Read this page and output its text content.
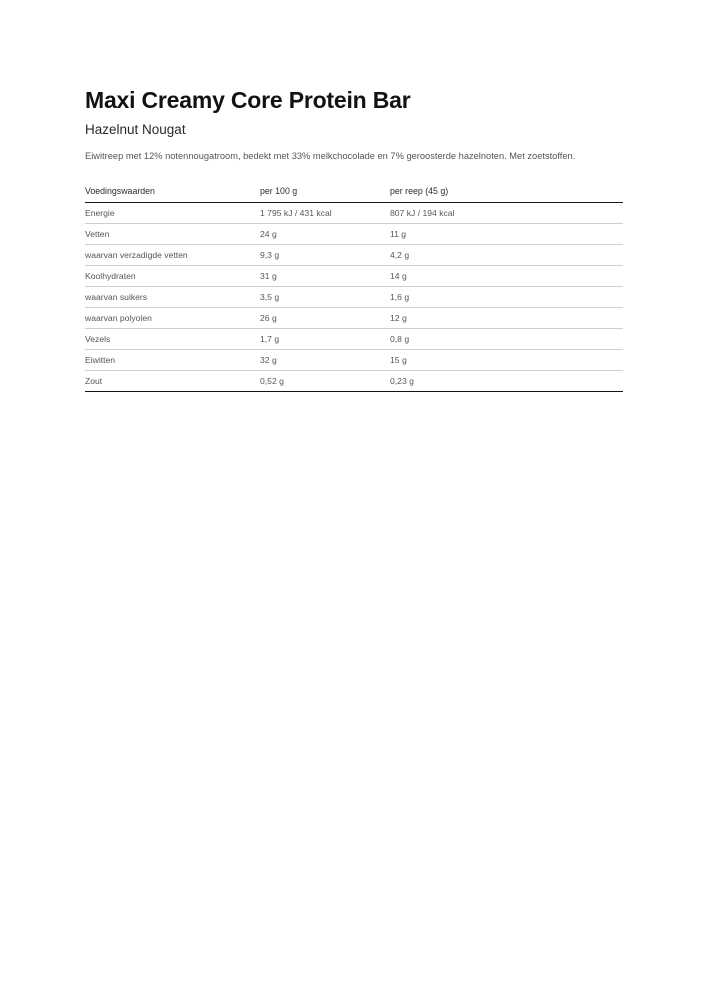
Maxi Creamy Core Protein Bar
Hazelnut Nougat

Eiwitreep met 12% notennougatroom, bedekt met 33% melkchocolade en 7% geroosterde hazelnoten. Met zoetstoffen.

Voedingswaarden	per 100 g	per reep (45 g)
Energie	1 795 kJ / 431 kcal	807 kJ / 194 kcal
Vetten	24 g	11 g
waarvan verzadigde vetten	9,3 g	4,2 g
Koolhydraten	31 g	14 g
waarvan suikers	3,5 g	1,6 g
waarvan polyolen	26 g	12 g
Vezels	1,7 g	0,8 g
Eiwitten	32 g	15 g
Zout	0,52 g	0,23 g
